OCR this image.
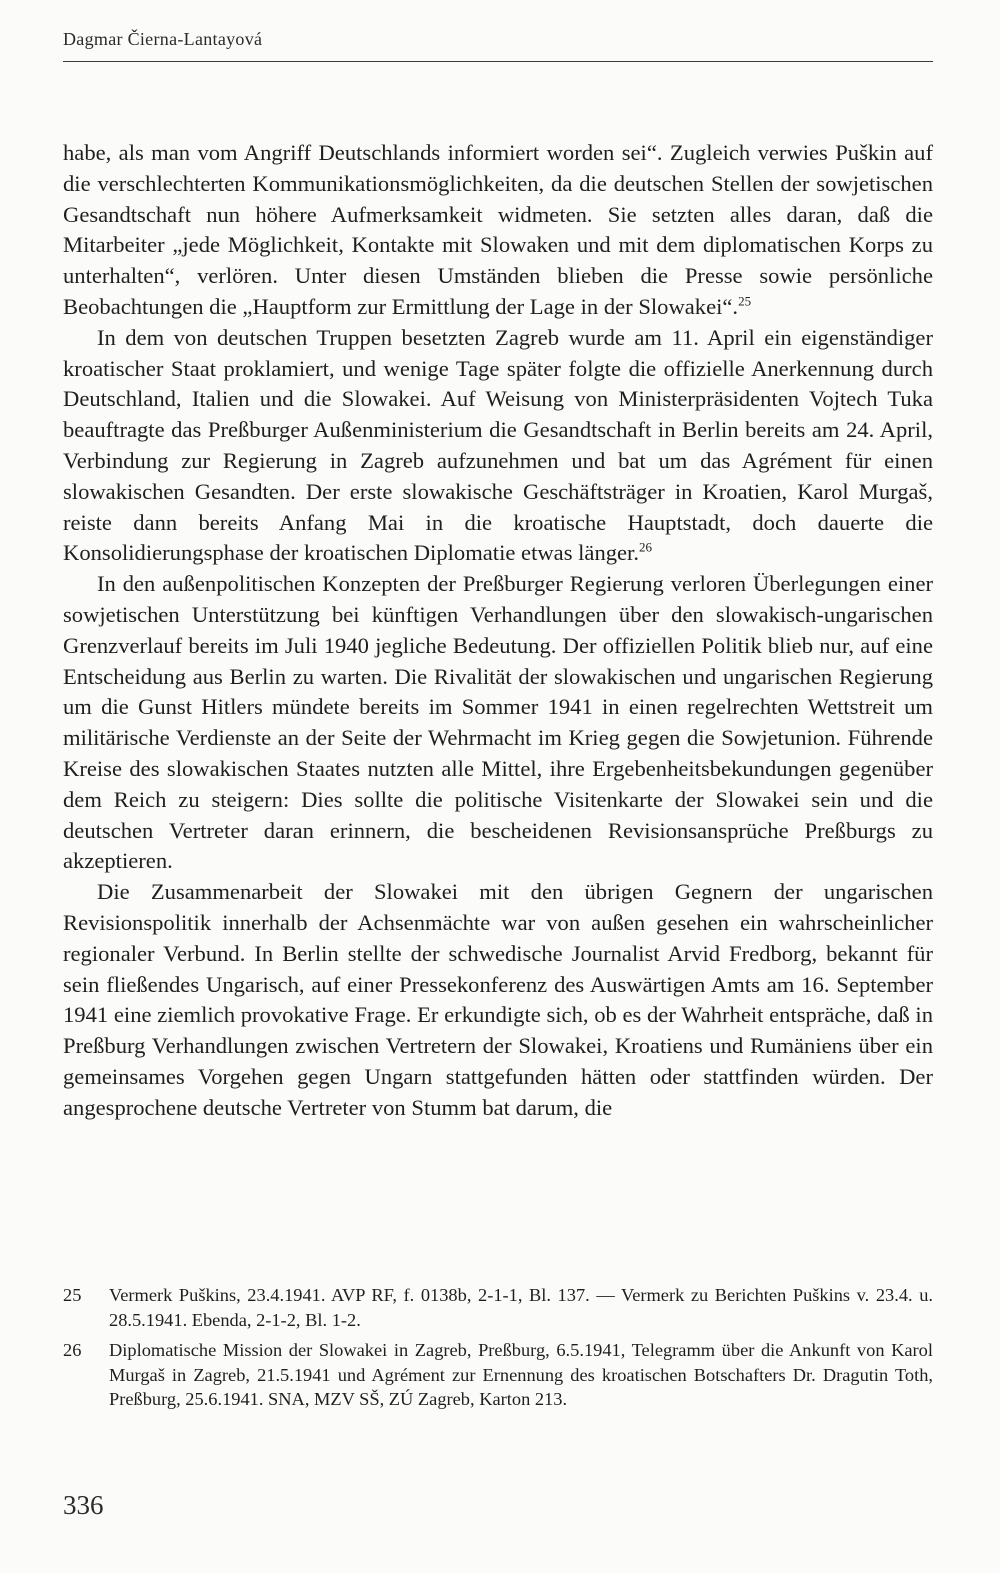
Dagmar Čierna-Lantayová

habe, als man vom Angriff Deutschlands informiert worden sei“. Zugleich verwies Puškin auf die verschlechterten Kommunikationsmöglichkeiten, da die deutschen Stellen der sowjetischen Gesandtschaft nun höhere Aufmerksamkeit widmeten. Sie setzten alles daran, daß die Mitarbeiter „jede Möglichkeit, Kontakte mit Slowaken und mit dem diplomatischen Korps zu unterhalten“, verlören. Unter diesen Umständen blieben die Presse sowie persönliche Beobachtungen die „Hauptform zur Ermittlung der Lage in der Slowakei“.$^{25}$

In dem von deutschen Truppen besetzten Zagreb wurde am 11. April ein eigenständiger kroatischer Staat proklamiert, und wenige Tage später folgte die offizielle Anerkennung durch Deutschland, Italien und die Slowakei. Auf Weisung von Ministerpräsidenten Vojtech Tuka beauftragte das Preßburger Außenministerium die Gesandtschaft in Berlin bereits am 24. April, Verbindung zur Regierung in Zagreb aufzunehmen und bat um das Agrément für einen slowakischen Gesandten. Der erste slowakische Geschäftsträger in Kroatien, Karol Murgaš, reiste dann bereits Anfang Mai in die kroatische Hauptstadt, doch dauerte die Konsolidierungsphase der kroatischen Diplomatie etwas länger.$^{26}$

In den außenpolitischen Konzepten der Preßburger Regierung verloren Überlegungen einer sowjetischen Unterstützung bei künftigen Verhandlungen über den slowakisch-ungarischen Grenzverlauf bereits im Juli 1940 jegliche Bedeutung. Der offiziellen Politik blieb nur, auf eine Entscheidung aus Berlin zu warten. Die Rivalität der slowakischen und ungarischen Regierung um die Gunst Hitlers mündete bereits im Sommer 1941 in einen regelrechten Wettstreit um militärische Verdienste an der Seite der Wehrmacht im Krieg gegen die Sowjetunion. Führende Kreise des slowakischen Staates nutzten alle Mittel, ihre Ergebenheitsbekundungen gegenüber dem Reich zu steigern: Dies sollte die politische Visitenkarte der Slowakei sein und die deutschen Vertreter daran erinnern, die bescheidenen Revisionsansprüche Preßburgs zu akzeptieren.

Die Zusammenarbeit der Slowakei mit den übrigen Gegnern der ungarischen Revisionspolitik innerhalb der Achsenmächte war von außen gesehen ein wahrscheinlicher regionaler Verbund. In Berlin stellte der schwedische Journalist Arvid Fredborg, bekannt für sein fließendes Ungarisch, auf einer Pressekonferenz des Auswärtigen Amts am 16. September 1941 eine ziemlich provokative Frage. Er erkundigte sich, ob es der Wahrheit entspräche, daß in Preßburg Verhandlungen zwischen Vertretern der Slowakei, Kroatiens und Rumäniens über ein gemeinsames Vorgehen gegen Ungarn stattgefunden hätten oder stattfinden würden. Der angesprochene deutsche Vertreter von Stumm bat darum, die

25 Vermerk Puškins, 23.4.1941. AVP RF, f. 0138b, 2-1-1, Bl. 137. — Vermerk zu Berichten Puškins v. 23.4. u. 28.5.1941. Ebenda, 2-1-2, Bl. 1-2.
26 Diplomatische Mission der Slowakei in Zagreb, Preßburg, 6.5.1941, Telegramm über die Ankunft von Karol Murgaš in Zagreb, 21.5.1941 und Agrément zur Ernennung des kroatischen Botschafters Dr. Dragutin Toth, Preßburg, 25.6.1941. SNA, MZV SŠ, ZÚ Zagreb, Karton 213.
336
